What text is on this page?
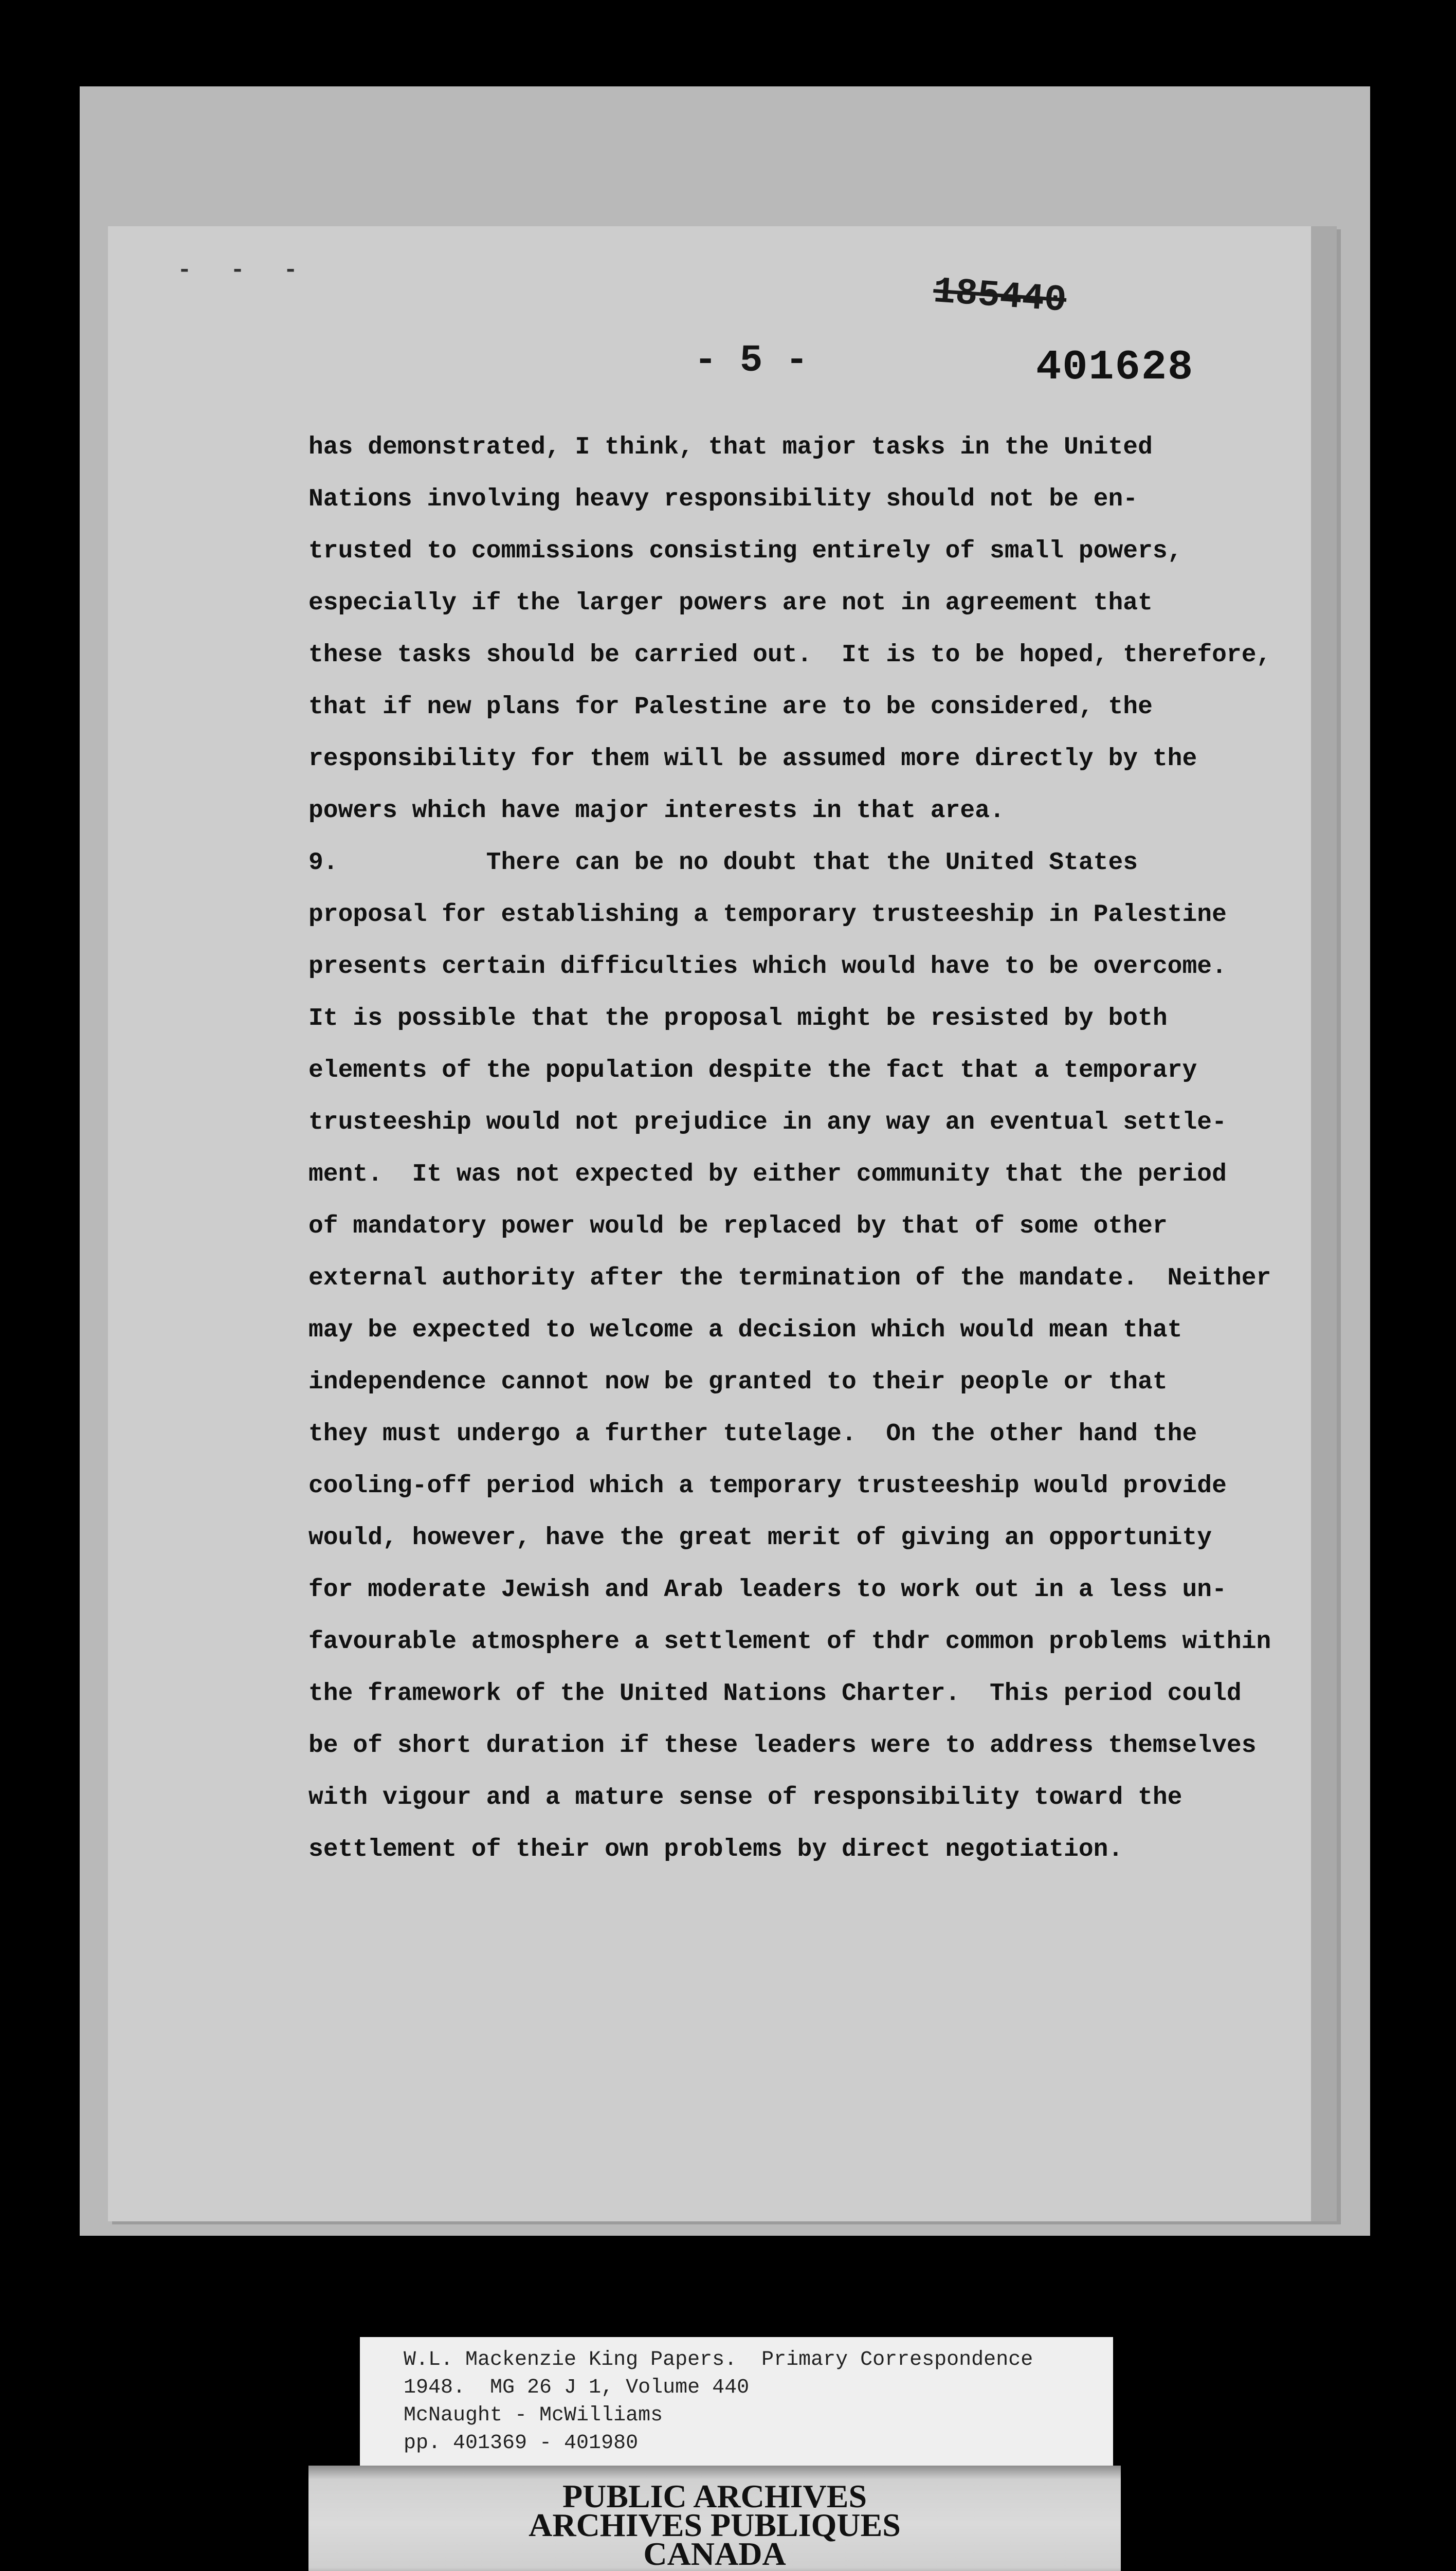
- - -
185440
- 5 -	401628
has demonstrated, I think, that major tasks in the United
Nations involving heavy responsibility should not be en-
trusted to commissions consisting entirely of small powers,
especially if the larger powers are not in agreement that
these tasks should be carried out.  It is to be hoped, therefore,
that if new plans for Palestine are to be considered, the
responsibility for them will be assumed more directly by the
powers which have major interests in that area.
9.          There can be no doubt that the United States
proposal for establishing a temporary trusteeship in Palestine
presents certain difficulties which would have to be overcome.
It is possible that the proposal might be resisted by both
elements of the population despite the fact that a temporary
trusteeship would not prejudice in any way an eventual settle-
ment.  It was not expected by either community that the period
of mandatory power would be replaced by that of some other
external authority after the termination of the mandate.  Neither
may be expected to welcome a decision which would mean that
independence cannot now be granted to their people or that
they must undergo a further tutelage.  On the other hand the
cooling-off period which a temporary trusteeship would provide
would, however, have the great merit of giving an opportunity
for moderate Jewish and Arab leaders to work out in a less un-
favourable atmosphere a settlement of thdr common problems within
the framework of the United Nations Charter.  This period could
be of short duration if these leaders were to address themselves
with vigour and a mature sense of responsibility toward the
settlement of their own problems by direct negotiation.
W.L. Mackenzie King Papers.  Primary Correspondence
1948.  MG 26 J 1, Volume 440
McNaught - McWilliams
pp. 401369 - 401980
PUBLIC ARCHIVES
ARCHIVES PUBLIQUES
CANADA
